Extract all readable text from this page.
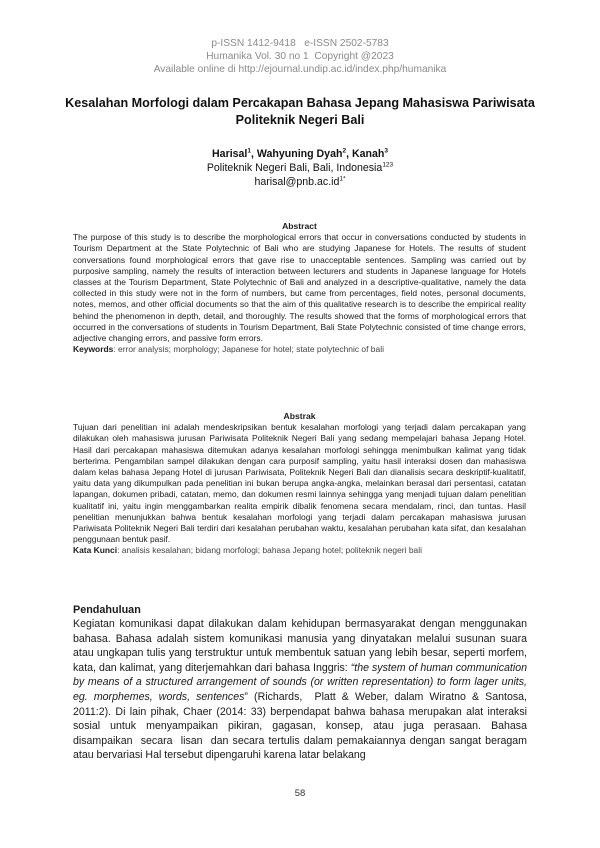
p-ISSN 1412-9418   e-ISSN 2502-5783
Humanika Vol. 30 no 1  Copyright @2023
Available online di http://ejournal.undip.ac.id/index.php/humanika
Kesalahan Morfologi dalam Percakapan Bahasa Jepang Mahasiswa Pariwisata Politeknik Negeri Bali
Harisal$^1$, Wahyuning Dyah$^2$, Kanah$^3$
Politeknik Negeri Bali, Bali, Indonesia$^{123}$
$harisal@pnb.ac.id^{1*}$
Abstract
The purpose of this study is to describe the morphological errors that occur in conversations conducted by students in Tourism Department at the State Polytechnic of Bali who are studying Japanese for Hotels. The results of student conversations found morphological errors that gave rise to unacceptable sentences. Sampling was carried out by purposive sampling, namely the results of interaction between lecturers and students in Japanese language for Hotels classes at the Tourism Department, State Polytechnic of Bali and analyzed in a descriptive-qualitative, namely the data collected in this study were not in the form of numbers, but came from percentages, field notes, personal documents, notes, memos, and other official documents so that the aim of this qualitative research is to describe the empirical reality behind the phenomenon in depth, detail, and thoroughly. The results showed that the forms of morphological errors that occurred in the conversations of students in Tourism Department, Bali State Polytechnic consisted of time change errors, adjective changing errors, and passive form errors.
Keywords: error analysis; morphology; Japanese for hotel; state polytechnic of bali
Abstrak
Tujuan dari penelitian ini adalah mendeskripsikan bentuk kesalahan morfologi yang terjadi dalam percakapan yang dilakukan oleh mahasiswa jurusan Pariwisata Politeknik Negeri Bali yang sedang mempelajari bahasa Jepang Hotel. Hasil dari percakapan mahasiswa ditemukan adanya kesalahan morfologi sehingga menimbulkan kalimat yang tidak berterima. Pengambilan sampel dilakukan dengan cara purposif sampling, yaitu hasil interaksi dosen dan mahasiswa dalam kelas bahasa Jepang Hotel di jurusan Pariwisata, Politeknik Negeri Bali dan dianalisis secara deskriptif-kualitatif, yaitu data yang dikumpulkan pada penelitian ini bukan berupa angka-angka, melainkan berasal dari persentasi, catatan lapangan, dokumen pribadi, catatan, memo, dan dokumen resmi lainnya sehingga yang menjadi tujuan dalam penelitian kualitatif ini, yaitu ingin menggambarkan realita empirik dibalik fenomena secara mendalam, rinci, dan tuntas. Hasil penelitian menunjukkan bahwa bentuk kesalahan morfologi yang terjadi dalam percakapan mahasiswa jurusan Pariwisata Politeknik Negeri Bali terdiri dari kesalahan perubahan waktu, kesalahan perubahan kata sifat, dan kesalahan penggunaan bentuk pasif.
Kata Kunci: analisis kesalahan; bidang morfologi; bahasa Jepang hotel; politeknik negeri bali
Pendahuluan

Kegiatan komunikasi dapat dilakukan dalam kehidupan bermasyarakat dengan menggunakan bahasa. Bahasa adalah sistem komunikasi manusia yang dinyatakan melalui susunan suara atau ungkapan tulis yang terstruktur untuk membentuk satuan yang lebih besar, seperti morfem, kata, dan kalimat, yang diterjemahkan dari bahasa Inggris: “the system of human communication by means of a structured arrangement of sounds (or written representation) to form lager units, eg. morphemes, words, sentences” (Richards,  Platt & Weber, dalam Wiratno & Santosa, 2011:2). Di lain pihak, Chaer (2014: 33) berpendapat bahwa bahasa merupakan alat interaksi sosial untuk menyampaikan pikiran, gagasan, konsep, atau juga perasaan. Bahasa  disampaikan  secara  lisan  dan secara tertulis dalam pemakaiannya dengan sangat beragam atau bervariasi Hal tersebut dipengaruhi karena latar belakang

58
